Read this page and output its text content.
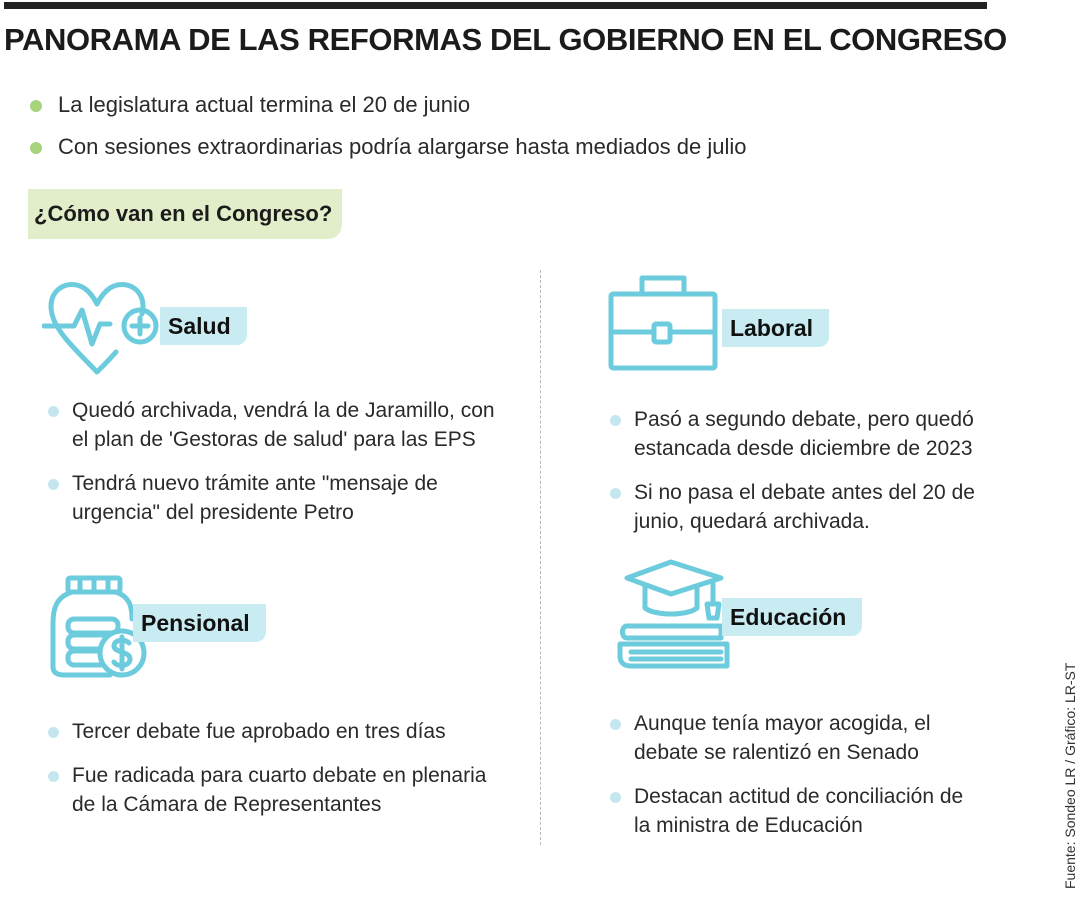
PANORAMA DE LAS REFORMAS DEL GOBIERNO EN EL CONGRESO
La legislatura actual termina el 20 de junio
Con sesiones extraordinarias podría alargarse hasta mediados de julio
¿Cómo van en el Congreso?
Salud
Quedó archivada, vendrá la de Jaramillo, con el plan de 'Gestoras de salud' para las EPS
Tendrá nuevo trámite ante "mensaje de urgencia" del presidente Petro
Laboral
Pasó a segundo debate, pero quedó estancada desde diciembre de 2023
Si no pasa el debate antes del 20 de junio, quedará archivada.
Pensional
Tercer debate fue aprobado en tres días
Fue radicada para cuarto debate en plenaria de la Cámara de Representantes
Educación
Aunque tenía mayor acogida, el debate se ralentizó en Senado
Destacan actitud de conciliación de la ministra de Educación	Fuente: Sondeo LR / Gráfico: LR-ST
